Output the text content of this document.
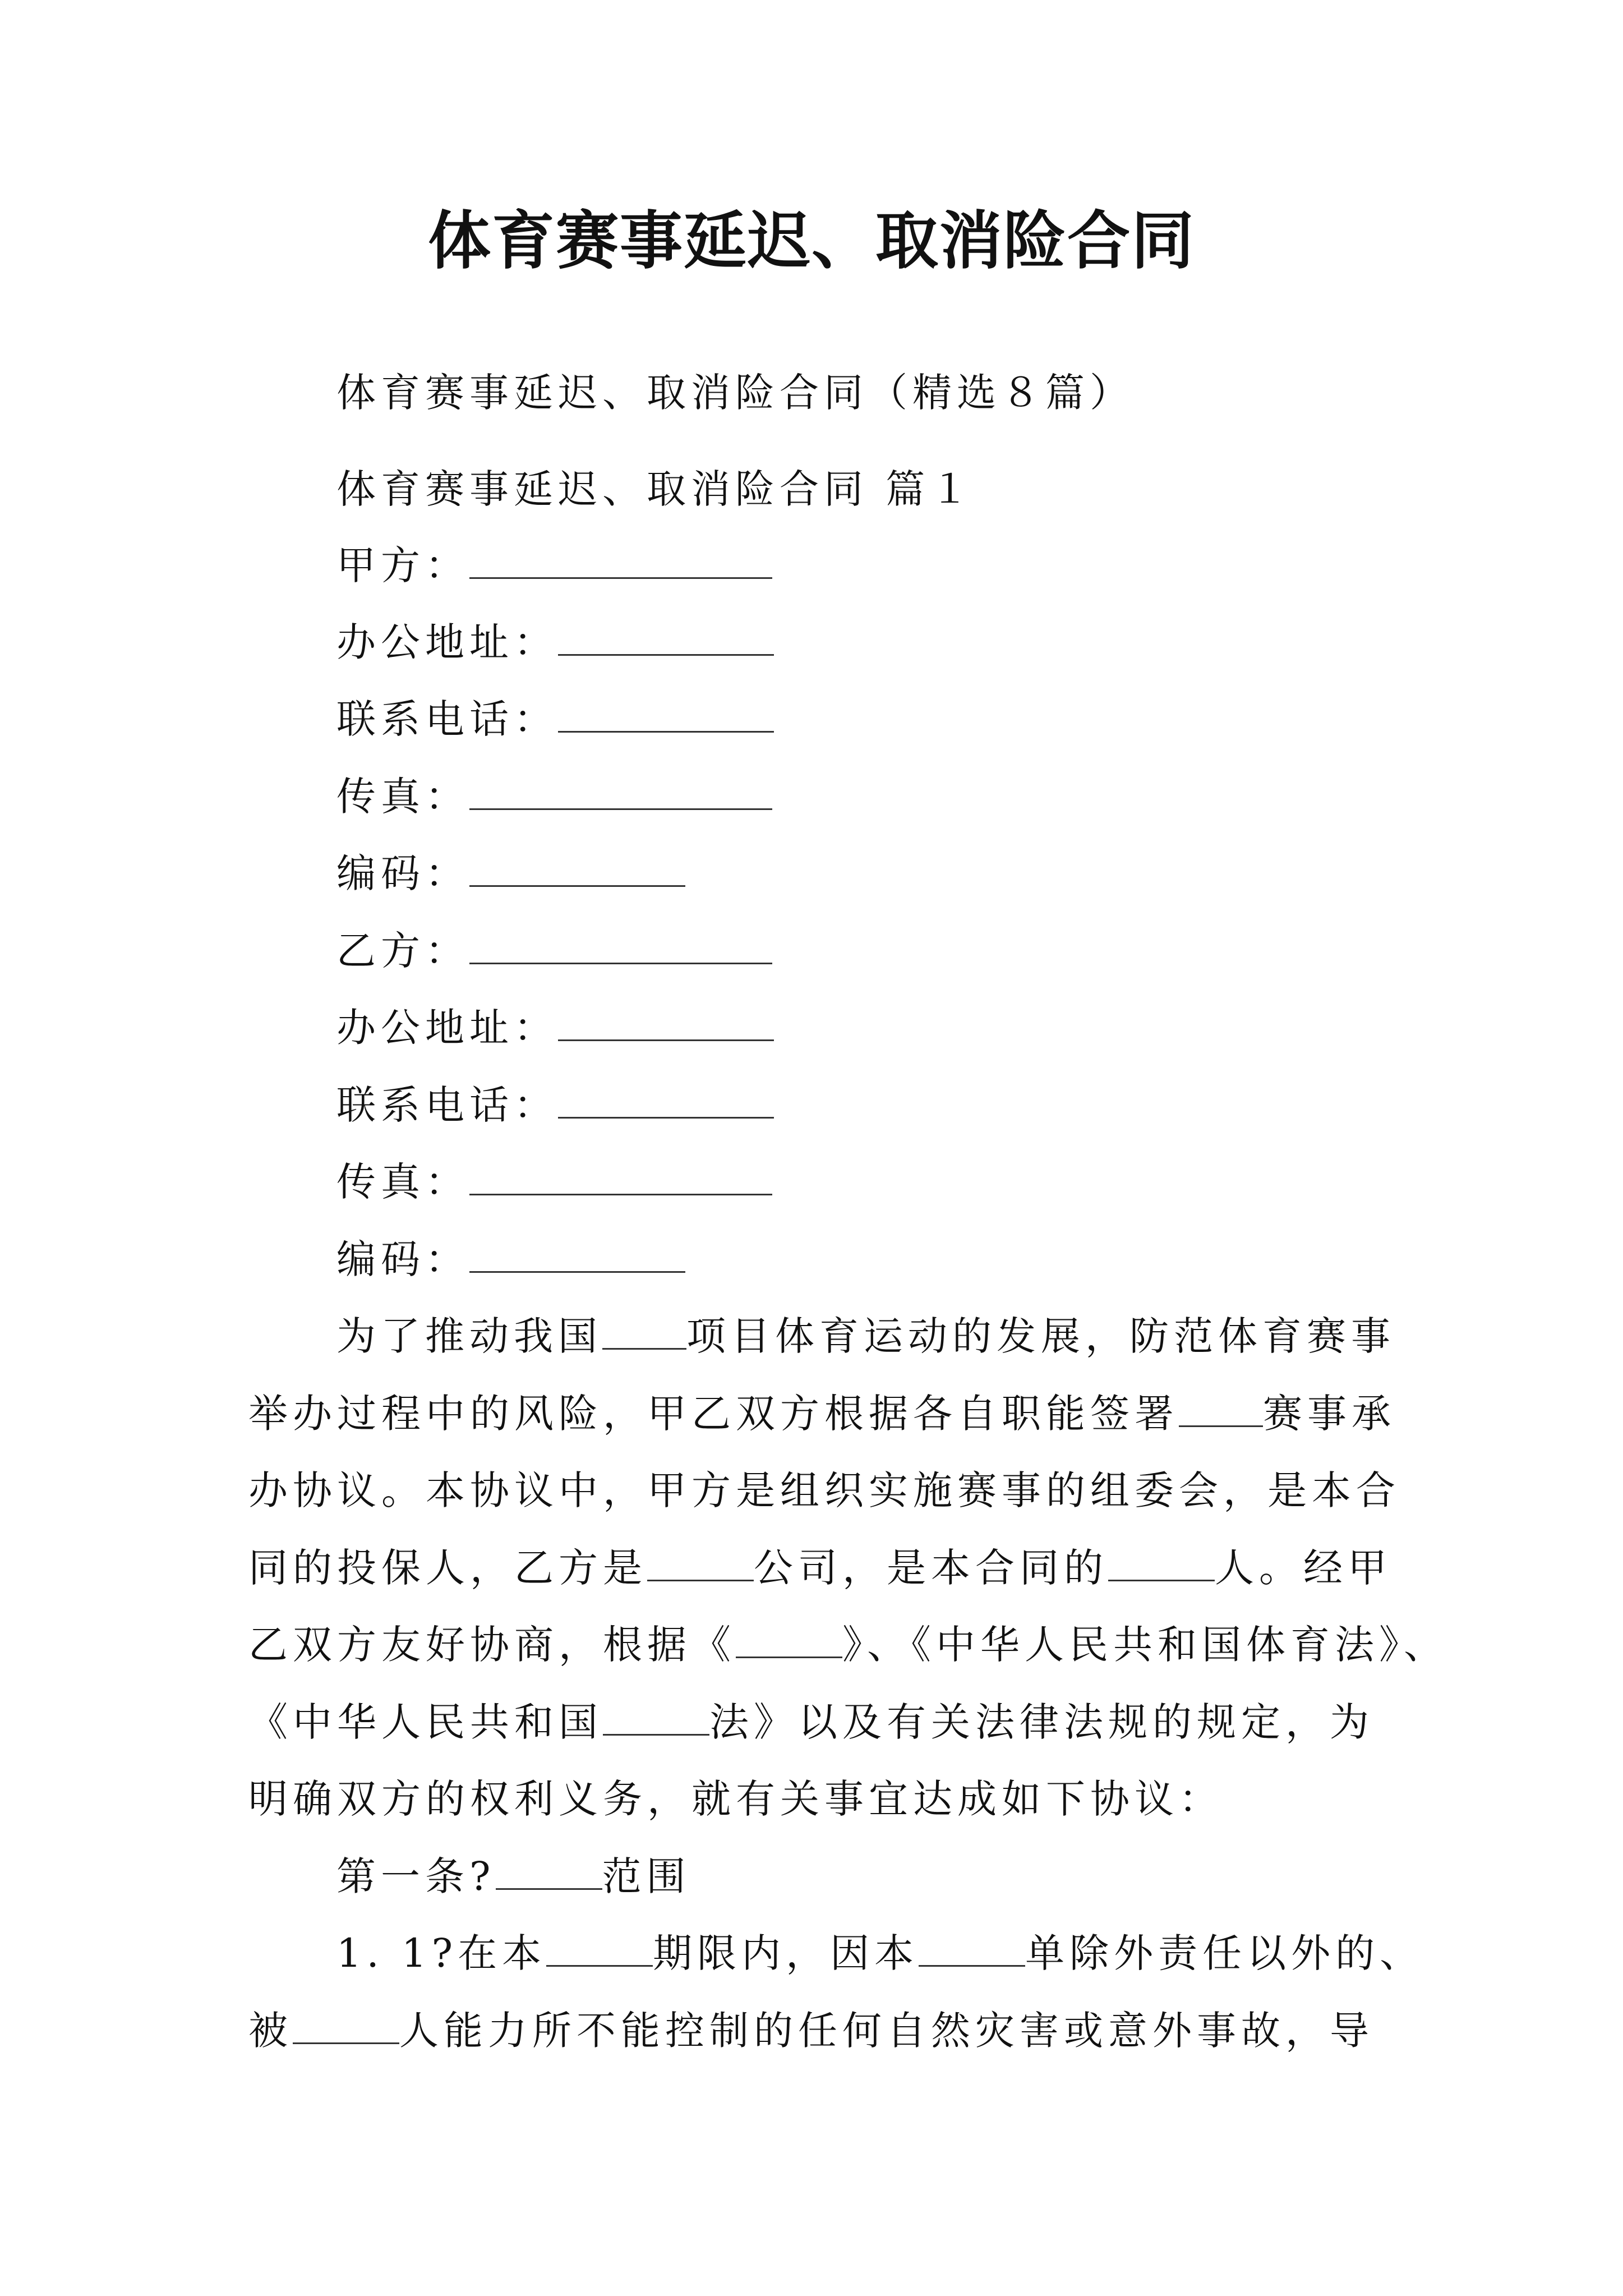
体育赛事延迟、取消险合同
体育赛事延迟、取消险合同（精选８篇）
体育赛事延迟、取消险合同 篇１
甲方：
办公地址：
联系电话：
传真：
编码：
乙方：
办公地址：
联系电话：
传真：
编码：
为了推动我国 项目体育运动的发展，防范体育赛事
举办过程中的风险，甲乙双方根据各自职能签署 赛事承
办协议。本协议中，甲方是组织实施赛事的组委会，是本合
同的投保人，乙方是	公司，是本合同的	人。经甲
乙双方友好协商，根据《	》、《中华人民共和国体育法》、
《中华人民共和国	法》以及有关法律法规的规定，为
明确双方的权利义务，就有关事宜达成如下协议：
第一条?	范围
1. 1?在本	期限内，因本	单除外责任以外的、
被	人能力所不能控制的任何自然灾害或意外事故，导
